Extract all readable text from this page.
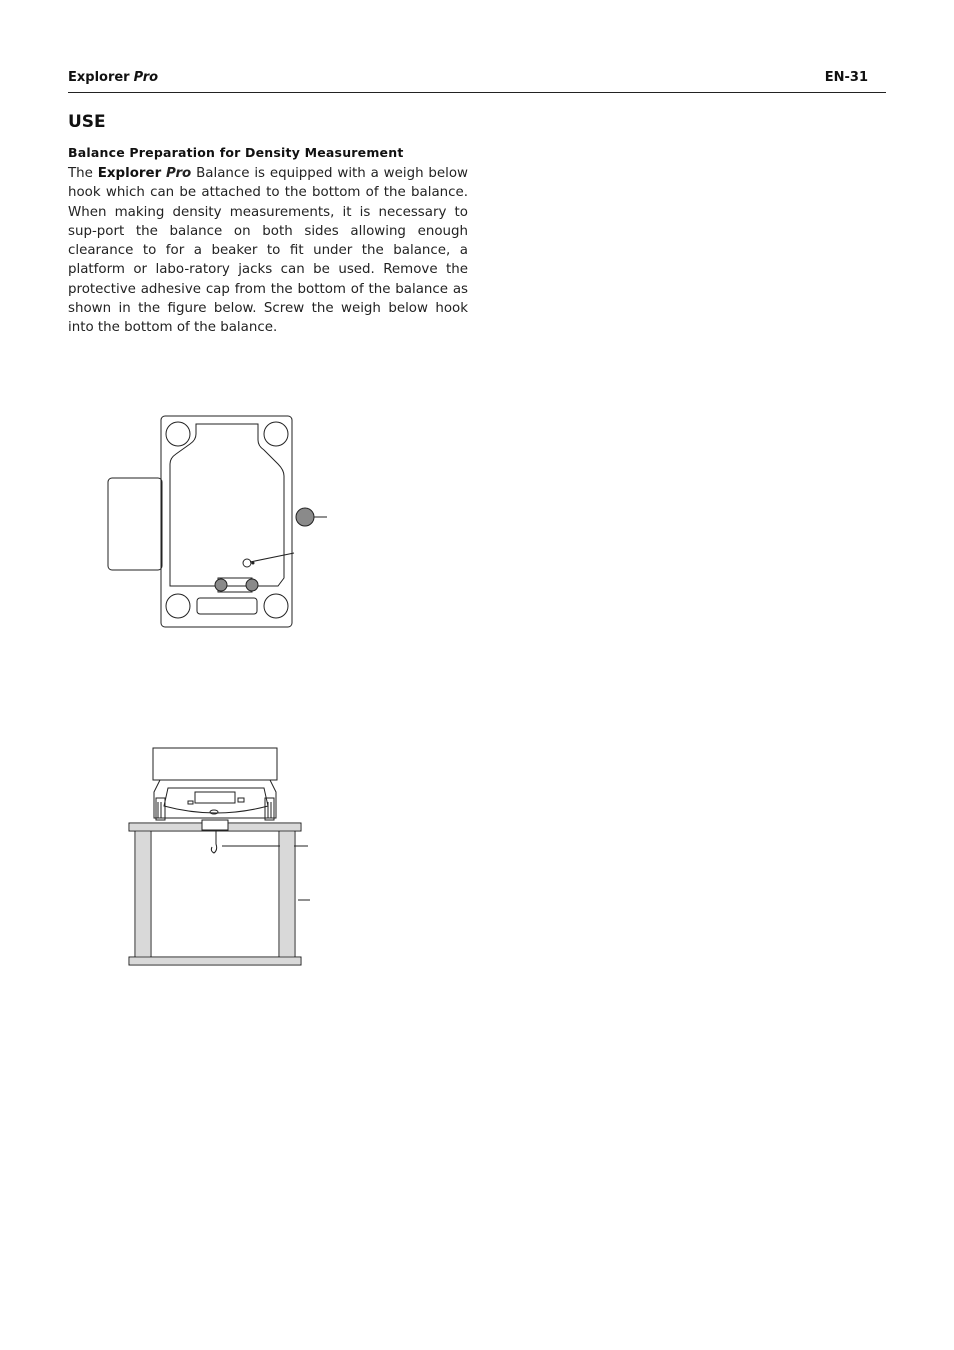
Explorer Pro	EN-31
USE
Balance Preparation for Density Measurement
The Explorer Pro Balance is equipped with a weigh below hook which can be attached to the bottom of the balance. When making density measurements, it is necessary to sup-port the balance on both sides allowing enough clearance to for a beaker to fit under the balance, a platform or labo-ratory jacks can be used. Remove the protective adhesive cap from the bottom of the balance as shown in the figure below. Screw the weigh below hook into the bottom of the balance.
